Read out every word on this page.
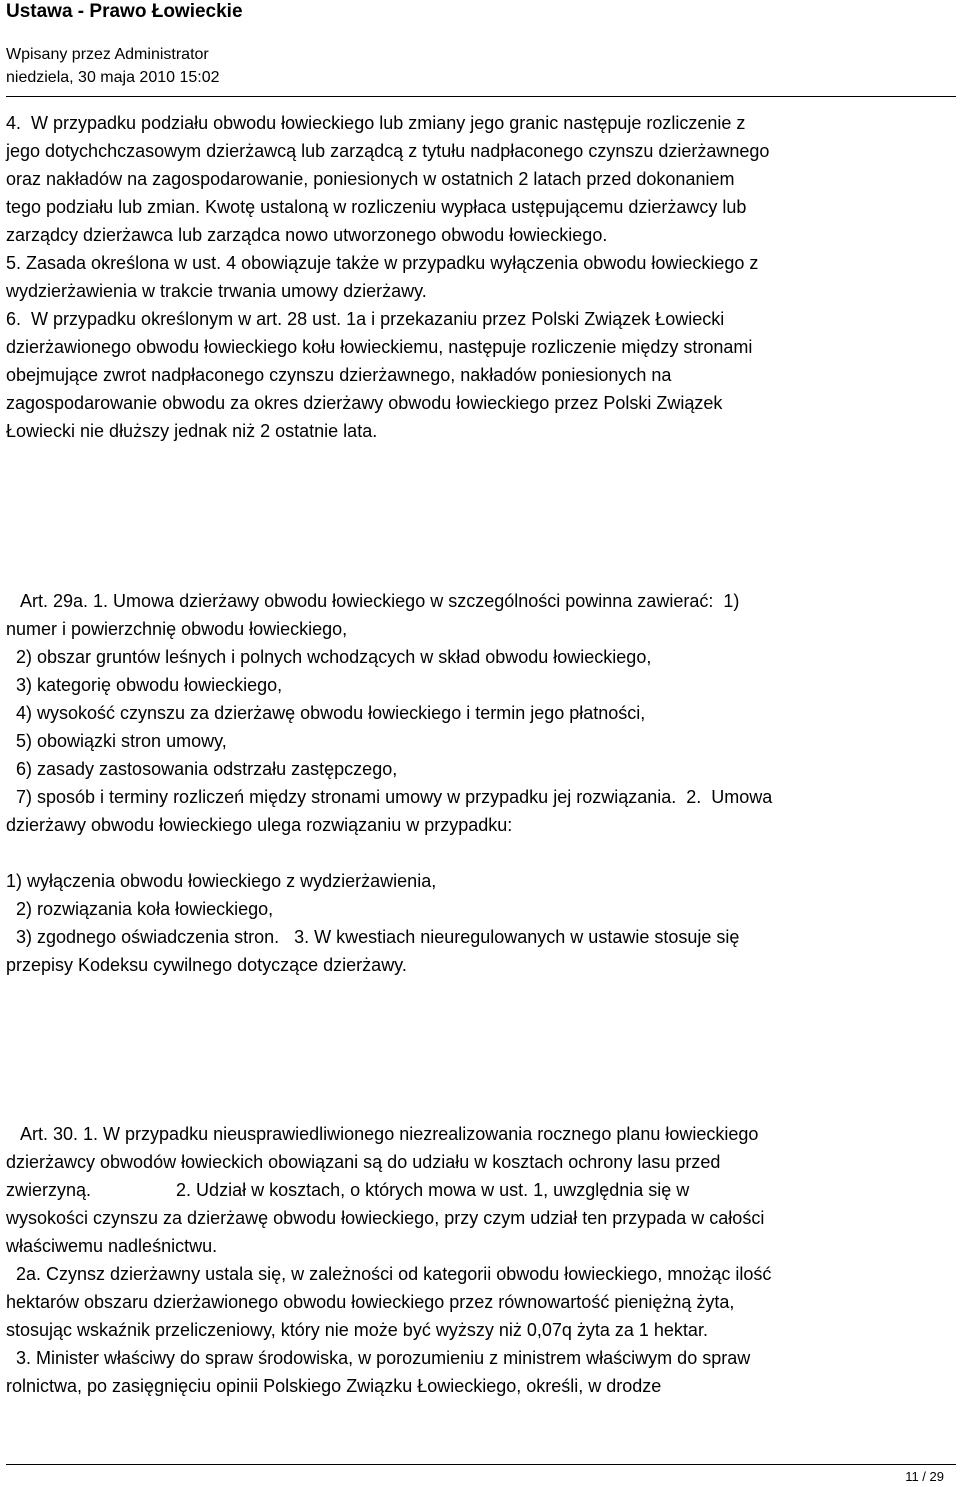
Ustawa - Prawo Łowieckie
Wpisany przez Administrator
niedziela, 30 maja 2010 15:02
4.  W przypadku podziału obwodu łowieckiego lub zmiany jego granic następuje rozliczenie z
jego dotychchczasowym dzierżawcą lub zarządcą z tytułu nadpłaconego czynszu dzierżawnego
oraz nakładów na zagospodarowanie, poniesionych w ostatnich 2 latach przed dokonaniem
tego podziału lub zmian. Kwotę ustaloną w rozliczeniu wypłaca ustępującemu dzierżawcy lub
zarządcy dzierżawca lub zarządca nowo utworzonego obwodu łowieckiego.
5. Zasada określona w ust. 4 obowiązuje także w przypadku wyłączenia obwodu łowieckiego z
wydzierżawienia w trakcie trwania umowy dzierżawy.
6.  W przypadku określonym w art. 28 ust. 1a i przekazaniu przez Polski Związek Łowiecki
dzierżawionego obwodu łowieckiego kołu łowieckiemu, następuje rozliczenie między stronami
obejmujące zwrot nadpłaconego czynszu dzierżawnego, nakładów poniesionych na
zagospodarowanie obwodu za okres dzierżawy obwodu łowieckiego przez Polski Związek
Łowiecki nie dłuższy jednak niż 2 ostatnie lata.
Art. 29a. 1. Umowa dzierżawy obwodu łowieckiego w szczególności powinna zawierać:  1)
numer i powierzchnię obwodu łowieckiego,
2) obszar gruntów leśnych i polnych wchodzących w skład obwodu łowieckiego,
3) kategorię obwodu łowieckiego,
4) wysokość czynszu za dzierżawę obwodu łowieckiego i termin jego płatności,
5) obowiązki stron umowy,
6) zasady zastosowania odstrzału zastępczego,
7) sposób i terminy rozliczeń między stronami umowy w przypadku jej rozwiązania.  2.  Umowa
dzierżawy obwodu łowieckiego ulega rozwiązaniu w przypadku:
1) wyłączenia obwodu łowieckiego z wydzierżawienia,
2) rozwiązania koła łowieckiego,
3) zgodnego oświadczenia stron.   3. W kwestiach nieuregulowanych w ustawie stosuje się
przepisy Kodeksu cywilnego dotyczące dzierżawy.
Art. 30. 1. W przypadku nieusprawiedliwionego niezrealizowania rocznego planu łowieckiego
dzierżawcy obwodów łowieckich obowiązani są do udziału w kosztach ochrony lasu przed
zwierzyną.                 2. Udział w kosztach, o których mowa w ust. 1, uwzględnia się w
wysokości czynszu za dzierżawę obwodu łowieckiego, przy czym udział ten przypada w całości
właściwemu nadleśnictwu.
2a. Czynsz dzierżawny ustala się, w zależności od kategorii obwodu łowieckiego, mnożąc ilość
hektarów obszaru dzierżawionego obwodu łowieckiego przez równowartość pieniężną żyta,
stosując wskaźnik przeliczeniowy, który nie może być wyższy niż 0,07q żyta za 1 hektar.
3. Minister właściwy do spraw środowiska, w porozumieniu z ministrem właściwym do spraw
rolnictwa, po zasięgnięciu opinii Polskiego Związku Łowieckiego, określi, w drodze
11 / 29
